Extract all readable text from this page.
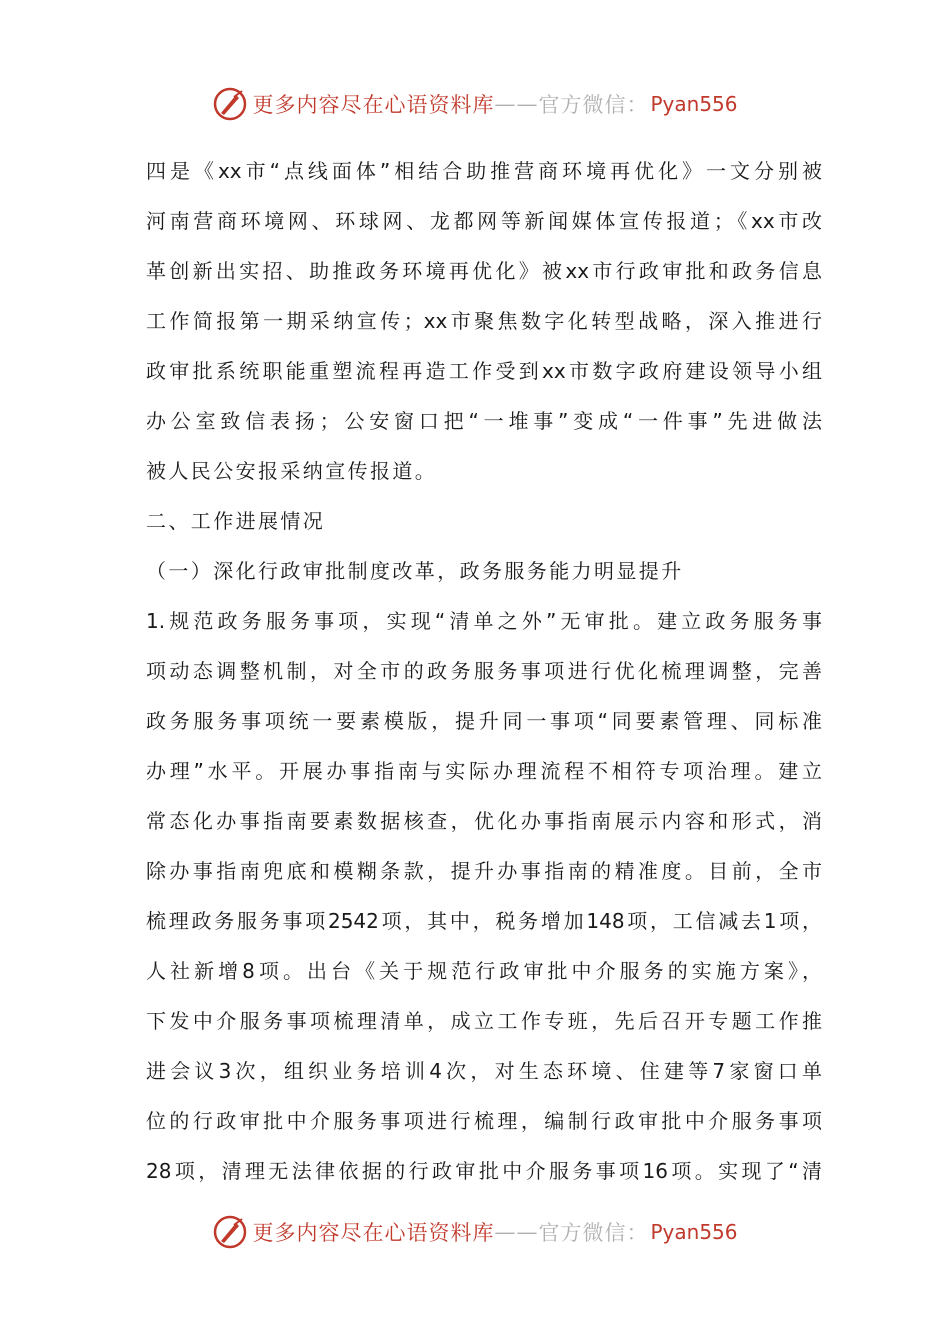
更多内容尽在心语资料库 —— 官方微信： Pyan556
四是《xx市“点线面体”相结合助推营商环境再优化》一文分别被
河南营商环境网、环球网、龙都网等新闻媒体宣传报道；《xx市改
革创新出实招、助推政务环境再优化》被xx市行政审批和政务信息
工作简报第一期采纳宣传；xx市聚焦数字化转型战略，深入推进行
政审批系统职能重塑流程再造工作受到xx市数字政府建设领导小组
办公室致信表扬；公安窗口把“一堆事”变成“一件事”先进做法
被人民公安报采纳宣传报道。
二、工作进展情况
（一）深化行政审批制度改革，政务服务能力明显提升
1.规范政务服务事项，实现“清单之外”无审批。建立政务服务事
项动态调整机制，对全市的政务服务事项进行优化梳理调整，完善
政务服务事项统一要素模版，提升同一事项“同要素管理、同标准
办理”水平。开展办事指南与实际办理流程不相符专项治理。建立
常态化办事指南要素数据核查，优化办事指南展示内容和形式，消
除办事指南兜底和模糊条款，提升办事指南的精准度。目前，全市
梳理政务服务事项2542项，其中，税务增加148项，工信减去1项，
人社新增8项。出台《关于规范行政审批中介服务的实施方案》，
下发中介服务事项梳理清单，成立工作专班，先后召开专题工作推
进会议3次，组织业务培训4次，对生态环境、住建等7家窗口单
位的行政审批中介服务事项进行梳理，编制行政审批中介服务事项
28项，清理无法律依据的行政审批中介服务事项16项。实现了“清
更多内容尽在心语资料库 —— 官方微信： Pyan556
